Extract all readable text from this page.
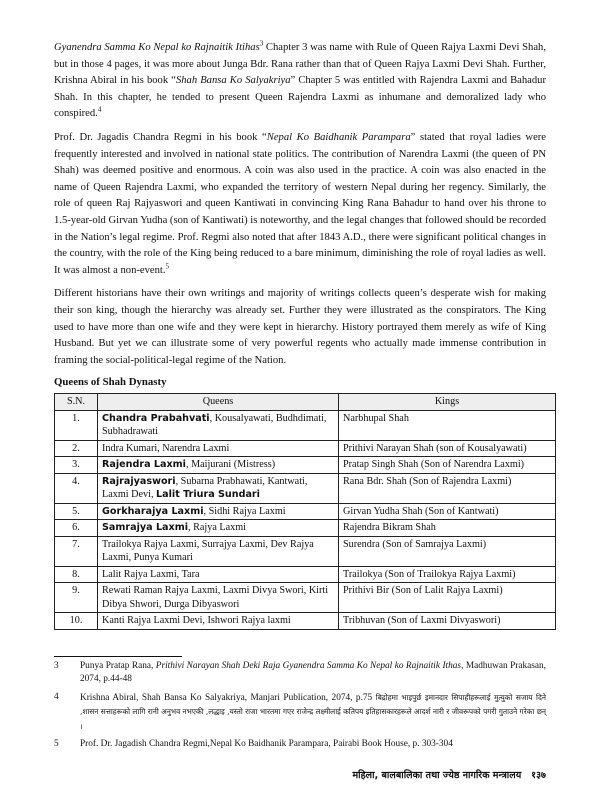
Gyanendra Samma Ko Nepal ko Rajnaitik Itihas$^3$ Chapter 3 was name with Rule of Queen Rajya Laxmi Devi Shah, but in those 4 pages, it was more about Junga Bdr. Rana rather than that of Queen Rajya Laxmi Devi Shah. Further, Krishna Abiral in his book “Shah Bansa Ko Salyakriya” Chapter 5 was entitled with Rajendra Laxmi and Bahadur Shah. In this chapter, he tended to present Queen Rajendra Laxmi as inhumane and demoralized lady who conspired.$^4$

Prof. Dr. Jagadis Chandra Regmi in his book “Nepal Ko Baidhanik Parampara” stated that royal ladies were frequently interested and involved in national state politics. The contribution of Narendra Laxmi (the queen of PN Shah) was deemed positive and enormous. A coin was also used in the practice. A coin was also enacted in the name of Queen Rajendra Laxmi, who expanded the territory of western Nepal during her regency. Similarly, the role of queen Raj Rajyaswori and queen Kantiwati in convincing King Rana Bahadur to hand over his throne to 1.5-year-old Girvan Yudha (son of Kantiwati) is noteworthy, and the legal changes that followed should be recorded in the Nation’s legal regime. Prof. Regmi also noted that after 1843 A.D., there were significant political changes in the country, with the role of the King being reduced to a bare minimum, diminishing the role of royal ladies as well. It was almost a non-event.$^5$

Different historians have their own writings and majority of writings collects queen’s desperate wish for making their son king, though the hierarchy was already set. Further they were illustrated as the conspirators. The King used to have more than one wife and they were kept in hierarchy. History portrayed them merely as wife of King Husband. But yet we can illustrate some of very powerful regents who actually made immense contribution in framing the social-political-legal regime of the Nation.

Queens of Shah Dynasty
S.N.	Queens	Kings
1.	Chandra Prabahvati, Kousalyawati, Budhdimati, Subhadrawati	Narbhupal Shah
2.	Indra Kumari, Narendra Laxmi	Prithivi Narayan Shah (son of Kousalyawati)
3.	Rajendra Laxmi, Maijurani (Mistress)	Pratap Singh Shah (Son of Narendra Laxmi)
4.	Rajrajyaswori, Subarna Prabhawati, Kantwati, Laxmi Devi, Lalit Triura Sundari	Rana Bdr. Shah (Son of Rajendra Laxmi)
5.	Gorkharajya Laxmi, Sidhi Rajya Laxmi	Girvan Yudha Shah (Son of Kantwati)
6.	Samrajya Laxmi, Rajya Laxmi	Rajendra Bikram Shah
7.	Trailokya Rajya Laxmi, Surrajya Laxmi, Dev Rajya Laxmi, Punya Kumari	Surendra (Son of Samrajya Laxmi)
8.	Lalit Rajya Laxmi, Tara	Trailokya (Son of Trailokya Rajya Laxmi)
9.	Rewati Raman Rajya Laxmi, Laxmi Divya Swori, Kirti Dibya Shwori, Durga Dibyaswori	Prithivi Bir (Son of Lalit Rajya Laxmi)
10.	Kanti Rajya Laxmi Devi, Ishwori Rajya laxmi	Tribhuvan (Son of Laxmi Divyaswori)
3	Punya Pratap Rana, Prithivi Narayan Shah Deki Raja Gyanendra Samma Ko Nepal ko Rajnaitik Ithas, Madhuwan Prakasan, 2074, p.44-48
4	Krishna Abiral, Shah Bansa Ko Salyakriya, Manjari Publication, 2074, p.75 बिद्रोहमा भाइपुर्छ इमानदार सिपाहीहरूलाई मुत्युको सजाय दिने ,शासन सत्ताहरूको लागि रानी अनुभव नभएकी ,लद्धाइ ,यस्तो राजा भारतमा गएर राजेन्द्र लक्ष्मीलाई कतिपय इतिहासकारहरूले आदर्श नारी र जीवरूपको पगरी गुताउने गरेका छन् ।
5	Prof. Dr. Jagadish Chandra Regmi,Nepal Ko Baidhanik Parampara, Pairabi Book House, p. 303-304
महिला, बालबालिका तथा ज्येष्ठ नागरिक मन्त्रालय १३७
